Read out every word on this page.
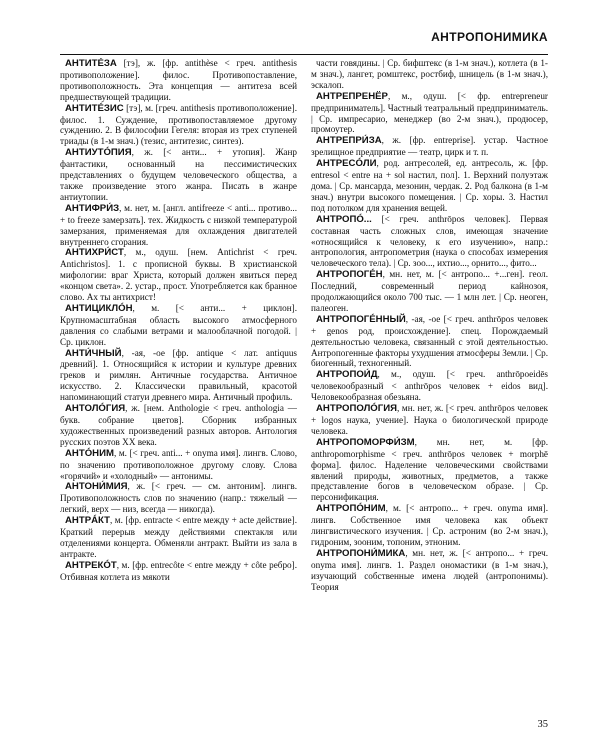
АНТРОПОНИМИКА

АНТИТÉЗА [тэ], ж. [фр. antithèse < греч. antithesis противоположение]. филос. Противопоставление, противоположность. Эта концепция — антитеза всей предшествующей традиции.

АНТИТÉЗИС [тэ], м. [греч. antithesis противоположение]. филос. 1. Суждение, противопоставляемое другому суждению. 2. В философии Гегеля: вторая из трех ступеней триады (в 1-м знач.) (тезис, антитезис, синтез).

АНТИУТÓПИЯ, ж. [< анти... + утопия]. Жанр фантастики, основанный на пессимистических представлениях о будущем человеческого общества, а также произведение этого жанра. Писать в жанре антиутопии.

АНТИФРИ́З, м. нет, м. [англ. antifreeze < anti... противо... + to freeze замерзать]. тех. Жидкость с низкой температурой замерзания, применяемая для охлаждения двигателей внутреннего сгорания.

АНТИХРИ́СТ, м., одуш. [нем. Antichrist < греч. Antichristos]. 1. с прописной буквы. В христианской мифологии: враг Христа, который должен явиться перед «концом света». 2. устар., прост. Употребляется как бранное слово. Ах ты антихрист!

АНТИЦИКЛÓН, м. [< анти... + циклон]. Крупномасштабная область высокого атмосферного давления со слабыми ветрами и малооблачной погодой. | Ср. циклон.

АНТИ́ЧНЫЙ, -ая, -ое [фр. antique < лат. antiquus древний]. 1. Относящийся к истории и культуре древних греков и римлян. Античные государства. Античное искусство. 2. Классически правильный, красотой напоминающий статуи древнего мира. Античный профиль.

АНТОЛÓГИЯ, ж. [нем. Anthologie < греч. anthologia — букв. собрание цветов]. Сборник избранных художественных произведений разных авторов. Антология русских поэтов XX века.

АНТÓНИМ, м. [< греч. anti... + onyma имя]. лингв. Слово, по значению противоположное другому слову. Слова «горячий» и «холодный» — антонимы.

АНТОНИ́МИЯ, ж. [< греч. — см. антоним]. лингв. Противоположность слов по значению (напр.: тяжелый — легкий, верх — низ, всегда — никогда).

АНТРÁКТ, м. [фр. entracte < entre между + acte действие]. Краткий перерыв между действиями спектакля или отделениями концерта. Обменяли антракт. Выйти из зала в антракте.

АНТРЕКÓТ, м. [фр. entrecôte < entre между + côte ребро]. Отбивная котлета из мякоти

части говядины. | Ср. бифштекс (в 1-м знач.), котлета (в 1-м знач.), лангет, ромштекс, ростбиф, шницель (в 1-м знач.), эскалоп.

АНТРЕПРЕНЁР, м., одуш. [< фр. entrepreneur предприниматель]. Частный театральный предприниматель. | Ср. импресарио, менеджер (во 2-м знач.), продюсер, промоутер.

АНТРЕПРИ́ЗА, ж. [фр. entreprise]. устар. Частное зрелищное предприятие — театр, цирк и т. п.

АНТРЕСÓЛИ, род. антресолей, ед. антресоль, ж. [фр. entresol < entre на + sol настил, пол]. 1. Верхний полуэтаж дома. | Ср. мансарда, мезонин, чердак. 2. Род балкона (в 1-м знач.) внутри высокого помещения. | Ср. хоры. 3. Настил под потолком для хранения вещей.

АНТРОПÓ... [< греч. anthrōpos человек]. Первая составная часть сложных слов, имеющая значение «относящийся к человеку, к его изучению», напр.: антропология, антропометрия (наука о способах измерения человеческого тела). | Ср. зоо..., ихтио..., орнито..., фито...

АНТРОПОГÉН, мн. нет, м. [< антропо... +...ген]. геол. Последний, современный период кайнозоя, продолжающийся около 700 тыс. — 1 млн лет. | Ср. неоген, палеоген.

АНТРОПОГÉННЫЙ, -ая, -ое [< греч. anthrōpos человек + genos род, происхождение]. спец. Порождаемый деятельностью человека, связанный с этой деятельностью. Антропогенные факторы ухудшения атмосферы Земли. | Ср. биогенный, техногенный.

АНТРОПОИ́Д, м., одуш. [< греч. anthrōpoeidēs человекообразный < anthrōpos человек + eidos вид]. Человекообразная обезьяна.

АНТРОПОЛÓГИЯ, мн. нет, ж. [< греч. anthrōpos человек + logos наука, учение]. Наука о биологической природе человека.

АНТРОПОМОРФИ́ЗМ, мн. нет, м. [фр. anthropomorphisme < греч. anthrōpos человек + morphē форма]. филос. Наделение человеческими свойствами явлений природы, животных, предметов, а также представление богов в человеческом образе. | Ср. персонификация.

АНТРОПÓНИМ, м. [< антропо... + греч. onyma имя]. лингв. Собственное имя человека как объект лингвистического изучения. | Ср. астроним (во 2-м знач.), гидроним, зооним, топоним, этноним.

АНТРОПОНИ́МИКА, мн. нет, ж. [< антропо... + греч. onyma имя]. лингв. 1. Раздел ономастики (в 1-м знач.), изучающий собственные имена людей (антропонимы). Теория

35
